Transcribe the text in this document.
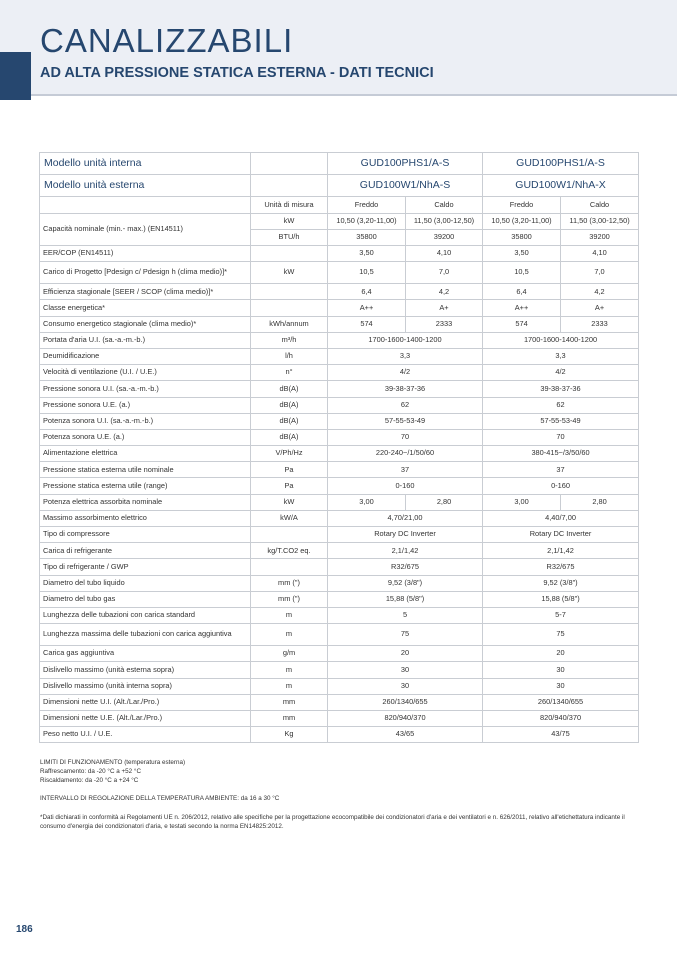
CANALIZZABILI
AD ALTA PRESSIONE STATICA ESTERNA - DATI TECNICI
Modello unità interna		GUD100PHS1/A-S		GUD100PHS1/A-S	
Modello unità esterna		GUD100W1/NhA-S		GUD100W1/NhA-X	
	Unità di misura	Freddo	Caldo	Freddo	Caldo
Capacità nominale (min.- max.) (EN14511)	kW	10,50 (3,20-11,00)	11,50 (3,00-12,50)	10,50 (3,20-11,00)	11,50 (3,00-12,50)
	BTU/h	35800	39200	35800	39200
EER/COP (EN14511)		3,50	4,10	3,50	4,10
Carico di Progetto [Pdesign c/ Pdesign h (clima medio)]*	kW	10,5	7,0	10,5	7,0
Efficienza stagionale [SEER / SCOP (clima medio)]*		6,4	4,2	6,4	4,2
Classe energetica*		A++	A+	A++	A+
Consumo energetico stagionale (clima medio)*	kWh/annum	574	2333	574	2333
Portata d'aria U.I. (sa.-a.-m.-b.)	m³/h	1700-1600-1400-1200		1700-1600-1400-1200	
Deumidificazione	l/h	3,3		3,3	
Velocità di ventilazione (U.I. / U.E.)	n°	4/2		4/2	
Pressione sonora U.I. (sa.-a.-m.-b.)	dB(A)	39-38-37-36		39-38-37-36	
Pressione sonora U.E. (a.)	dB(A)	62		62	
Potenza sonora U.I. (sa.-a.-m.-b.)	dB(A)	57-55-53-49		57-55-53-49	
Potenza sonora U.E. (a.)	dB(A)	70		70	
Alimentazione elettrica	V/Ph/Hz	220-240~/1/50/60		380-415~/3/50/60	
Pressione statica esterna utile nominale	Pa	37		37	
Pressione statica esterna utile (range)	Pa	0-160		0-160	
Potenza elettrica assorbita nominale	kW	3,00	2,80	3,00	2,80
Massimo assorbimento elettrico	kW/A	4,70/21,00		4,40/7,00	
Tipo di compressore		Rotary DC Inverter		Rotary DC Inverter	
Carica di refrigerante	kg/T.CO2 eq.	2,1/1,42		2,1/1,42	
Tipo di refrigerante / GWP		R32/675		R32/675	
Diametro del tubo liquido	mm (")	9,52 (3/8")		9,52 (3/8")	
Diametro del tubo gas	mm (")	15,88 (5/8")		15,88 (5/8")	
Lunghezza delle tubazioni con carica standard	m	5		5-7	
Lunghezza massima delle tubazioni con carica aggiuntiva	m	75		75	
Carica gas aggiuntiva	g/m	20		20	
Dislivello massimo (unità esterna sopra)	m	30		30	
Dislivello massimo (unità interna sopra)	m	30		30	
Dimensioni nette U.I. (Alt./Lar./Pro.)	mm	260/1340/655		260/1340/655	
Dimensioni nette U.E. (Alt./Lar./Pro.)	mm	820/940/370		820/940/370	
Peso netto U.I. / U.E.	Kg	43/65		43/75	

LIMITI DI FUNZIONAMENTO (temperatura esterna)

Raffrescamento: da -20 °C a +52 °C

Riscaldamento: da -20 °C a +24 °C

INTERVALLO DI REGOLAZIONE DELLA TEMPERATURA AMBIENTE: da 16 a 30 °C

*Dati dichiarati in conformità ai Regolamenti UE n. 206/2012, relativo alle specifiche per la progettazione ecocompatibile dei condizionatori d'aria e dei ventilatori e n. 626/2011, relativo all'etichettatura indicante il consumo d'energia dei condizionatori d'aria, e testati secondo la norma EN14825:2012.

186
